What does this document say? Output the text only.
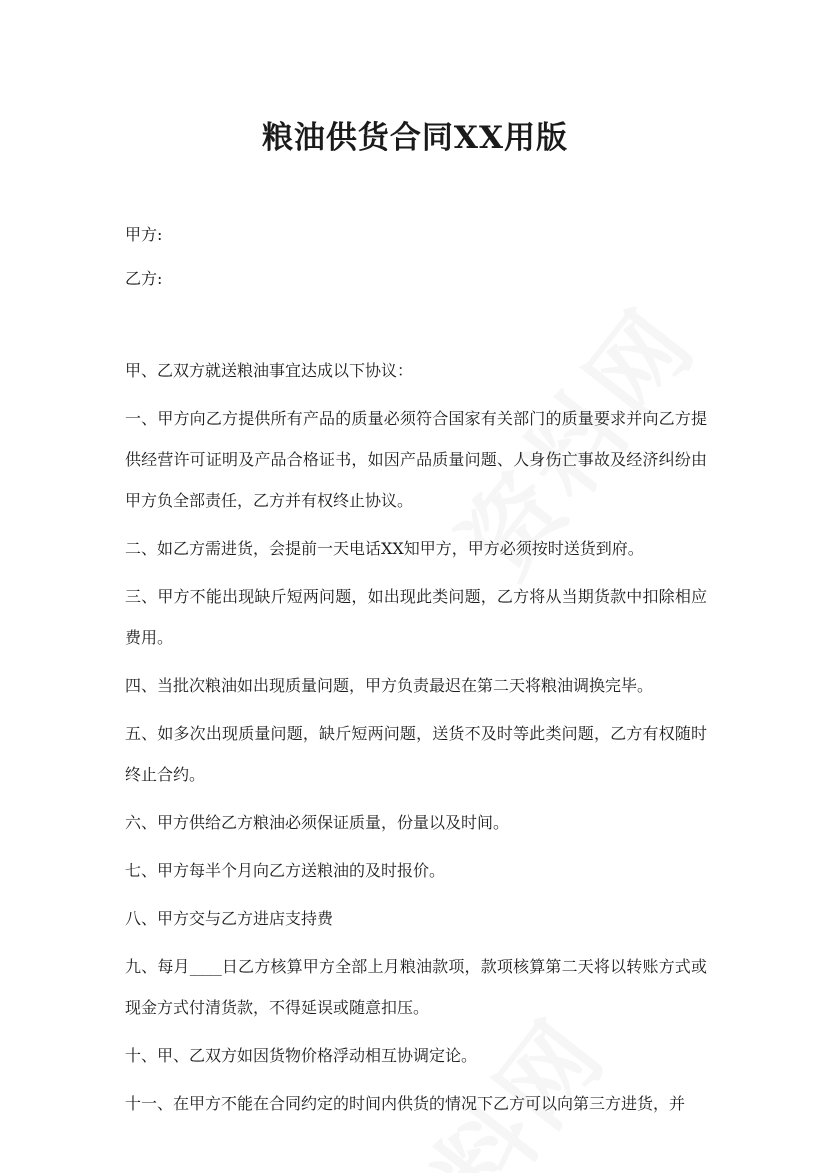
粮油供货合同XX用版

甲方:

乙方:

甲、乙双方就送粮油事宜达成以下协议：

一、甲方向乙方提供所有产品的质量必须符合国家有关部门的质量要求并向乙方提供经营许可证明及产品合格证书，如因产品质量问题、人身伤亡事故及经济纠纷由甲方负全部责任，乙方并有权终止协议。

二、如乙方需进货，会提前一天电话XX知甲方，甲方必须按时送货到府。

三、甲方不能出现缺斤短两问题，如出现此类问题，乙方将从当期货款中扣除相应费用。

四、当批次粮油如出现质量问题，甲方负责最迟在第二天将粮油调换完毕。

五、如多次出现质量问题，缺斤短两问题，送货不及时等此类问题，乙方有权随时终止合约。

六、甲方供给乙方粮油必须保证质量，份量以及时间。

七、甲方每半个月向乙方送粮油的及时报价。

八、甲方交与乙方进店支持费

九、每月____日乙方核算甲方全部上月粮油款项，款项核算第二天将以转账方式或现金方式付清货款，不得延误或随意扣压。

十、甲、乙双方如因货物价格浮动相互协调定论。

十一、在甲方不能在合同约定的时间内供货的情况下乙方可以向第三方进货，并
